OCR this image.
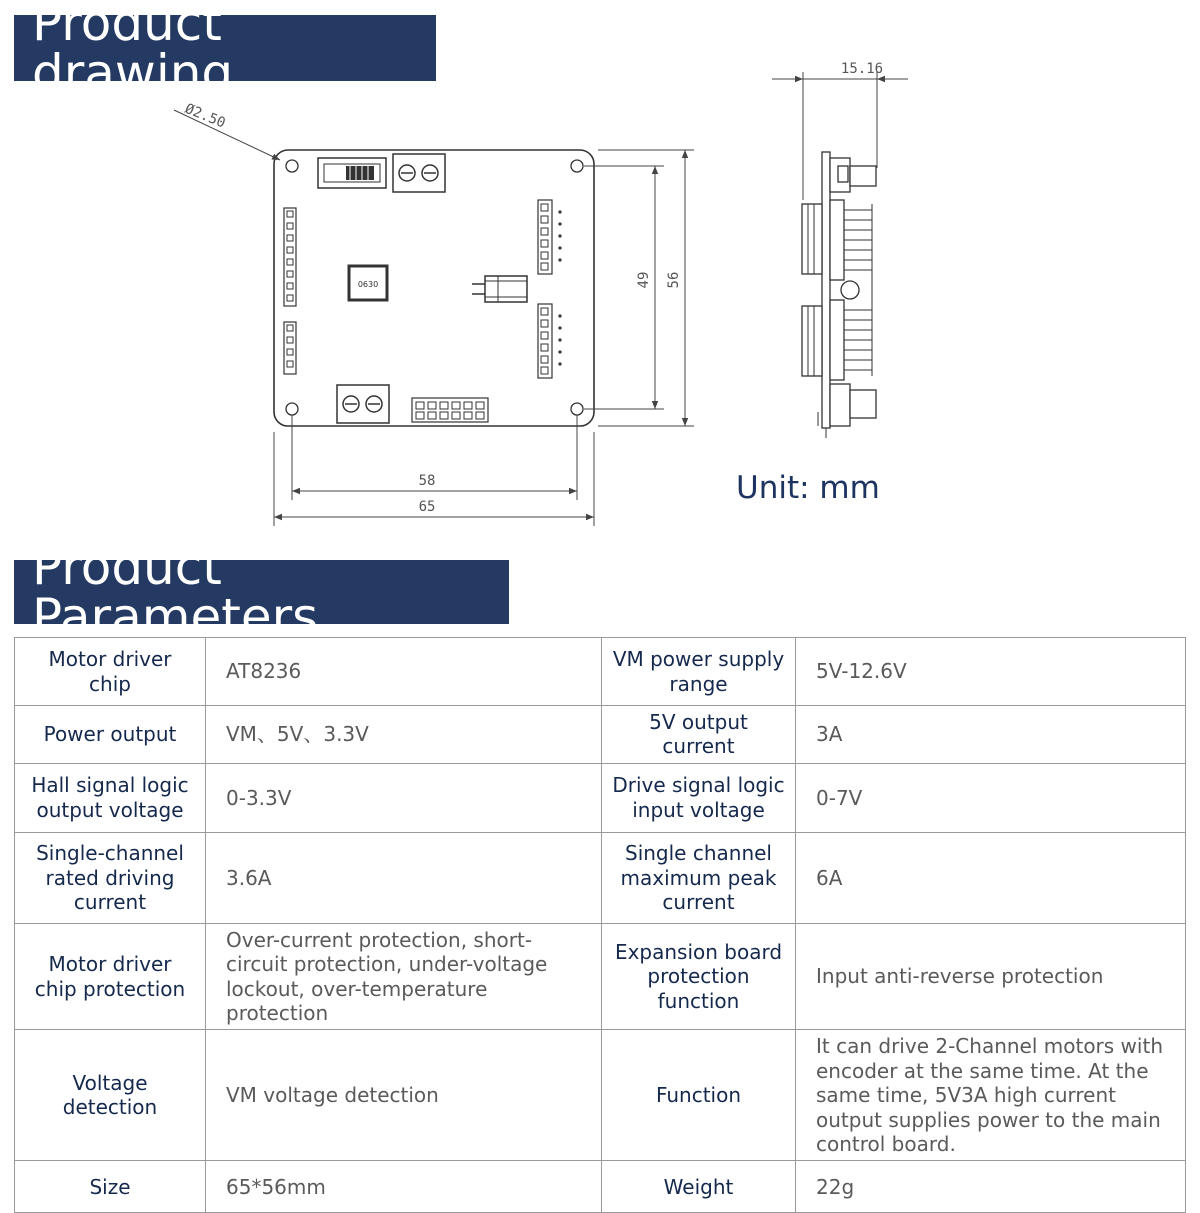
Product drawing
Ø2.50
0630
58
65
49 56
15.16
Unit: mm
Product Parameters
Motor driver chip	AT8236	VM power supply range	5V-12.6V
Power output	VM、5V、3.3V	5V output current	3A
Hall signal logic output voltage	0-3.3V	Drive signal logic input voltage	0-7V
Single-channel rated driving current	3.6A	Single channel maximum peak current	6A
Motor driver chip protection	Over-current protection, short-circuit protection, under-voltage lockout, over-temperature protection	Expansion board protection function	Input anti-reverse protection
Voltage detection	VM voltage detection	Function	It can drive 2-Channel motors with encoder at the same time. At the same time, 5V3A high current output supplies power to the main control board.
Size	65*56mm	Weight	22g
